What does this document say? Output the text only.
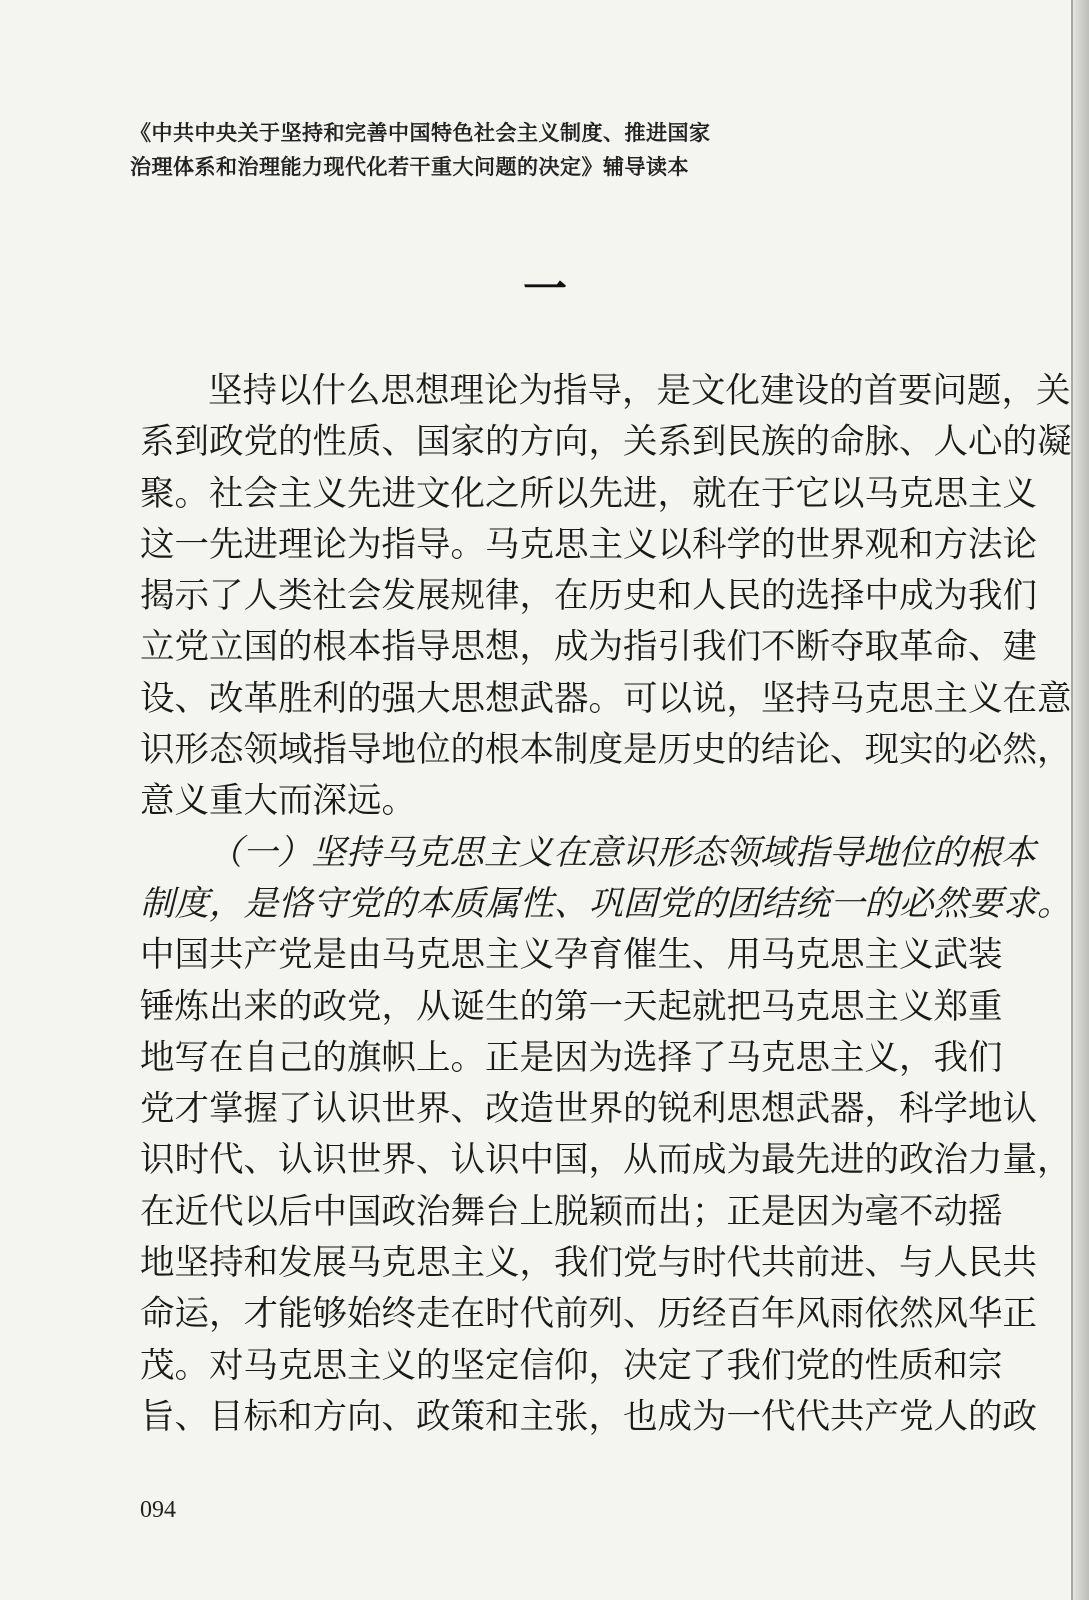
《中共中央关于坚持和完善中国特色社会主义制度、推进国家
治理体系和治理能力现代化若干重大问题的决定》辅导读本
一
坚持以什么思想理论为指导，是文化建设的首要问题，关
系到政党的性质、国家的方向，关系到民族的命脉、人心的凝
聚。社会主义先进文化之所以先进，就在于它以马克思主义
这一先进理论为指导。马克思主义以科学的世界观和方法论
揭示了人类社会发展规律，在历史和人民的选择中成为我们
立党立国的根本指导思想，成为指引我们不断夺取革命、建
设、改革胜利的强大思想武器。可以说，坚持马克思主义在意
识形态领域指导地位的根本制度是历史的结论、现实的必然，
意义重大而深远。
（一）坚持马克思主义在意识形态领域指导地位的根本
制度，是恪守党的本质属性、巩固党的团结统一的必然要求。
中国共产党是由马克思主义孕育催生、用马克思主义武装
锤炼出来的政党，从诞生的第一天起就把马克思主义郑重
地写在自己的旗帜上。正是因为选择了马克思主义，我们
党才掌握了认识世界、改造世界的锐利思想武器，科学地认
识时代、认识世界、认识中国，从而成为最先进的政治力量，
在近代以后中国政治舞台上脱颖而出；正是因为毫不动摇
地坚持和发展马克思主义，我们党与时代共前进、与人民共
命运，才能够始终走在时代前列、历经百年风雨依然风华正
茂。对马克思主义的坚定信仰，决定了我们党的性质和宗
旨、目标和方向、政策和主张，也成为一代代共产党人的政
094
